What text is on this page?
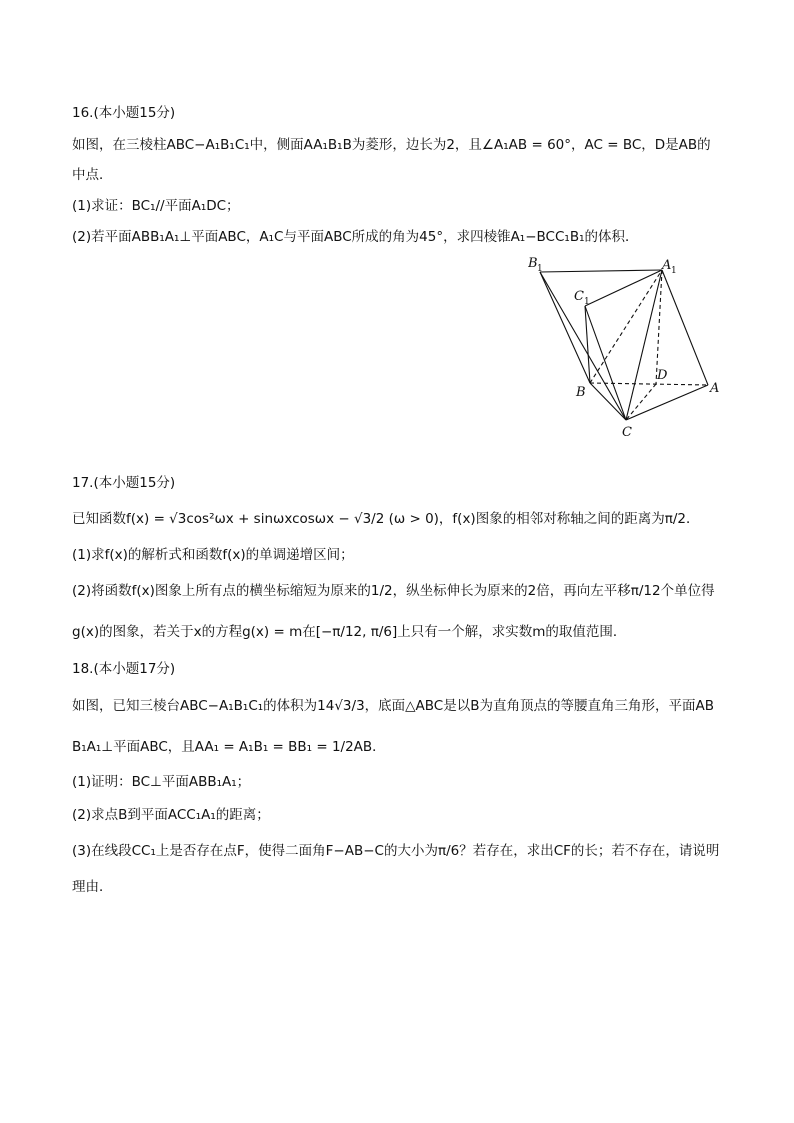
16.(本小题15分)
如图，在三棱柱ABC−A₁B₁C₁中，侧面AA₁B₁B为菱形，边长为2，且∠A₁AB = 60°，AC = BC，D是AB的
中点．
(1)求证：BC₁//平面A₁DC；
(2)若平面ABB₁A₁⊥平面ABC，A₁C与平面ABC所成的角为45°，求四棱锥A₁−BCC₁B₁的体积．
B 1	A 1
C 1
B
D
A
C
17.(本小题15分)
已知函数f(x) = √3cos²ωx + sinωxcosωx − √3/2 (ω > 0)，f(x)图象的相邻对称轴之间的距离为π/2．
(1)求f(x)的解析式和函数f(x)的单调递增区间；
(2)将函数f(x)图象上所有点的横坐标缩短为原来的1/2，纵坐标伸长为原来的2倍，再向左平移π/12个单位得
g(x)的图象，若关于x的方程g(x) = m在[−π/12, π/6]上只有一个解，求实数m的取值范围．
18.(本小题17分)
如图，已知三棱台ABC−A₁B₁C₁的体积为14√3/3，底面△ABC是以B为直角顶点的等腰直角三角形，平面AB
B₁A₁⊥平面ABC，且AA₁ = A₁B₁ = BB₁ = 1/2AB．
(1)证明：BC⊥平面ABB₁A₁；
(2)求点B到平面ACC₁A₁的距离；
(3)在线段CC₁上是否存在点F，使得二面角F−AB−C的大小为π/6？若存在，求出CF的长；若不存在，请说明
理由．
